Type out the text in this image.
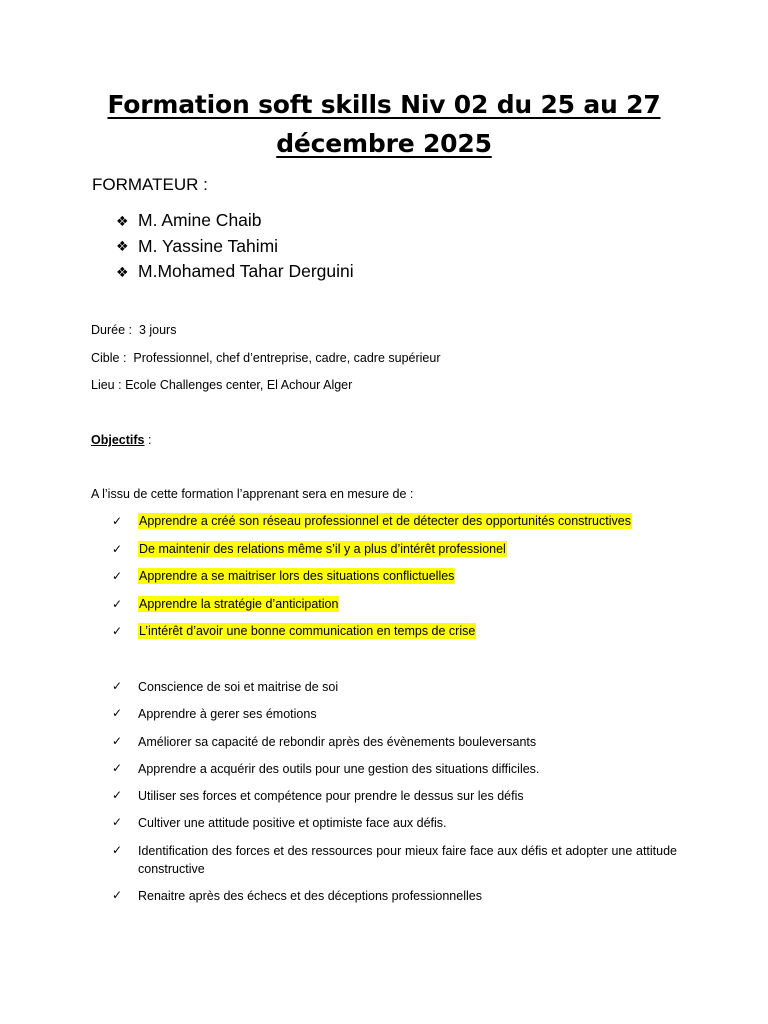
Formation soft skills Niv 02 du 25 au 27
décembre 2025
FORMATEUR :
❖ M. Amine Chaib
❖ M. Yassine Tahimi
❖ M.Mohamed Tahar Derguini
Durée : 3 jours
Cible : Professionnel, chef d’entreprise, cadre, cadre supérieur
Lieu : Ecole Challenges center, El Achour Alger
Objectifs :
A l’issu de cette formation l’apprenant sera en mesure de :
✓	Apprendre a créé son réseau professionnel et de détecter des opportunités constructives
✓	De maintenir des relations même s’il y a plus d’intérêt professionel
✓	Apprendre a se maitriser lors des situations conflictuelles
✓	Apprendre la stratégie d’anticipation
✓	L’intérêt d’avoir une bonne communication en temps de crise
✓	Conscience de soi et maitrise de soi
✓	Apprendre à gerer ses émotions
✓	Améliorer sa capacité de rebondir après des évènements bouleversants
✓	Apprendre a acquérir des outils pour une gestion des situations difficiles.
✓	Utiliser ses forces et compétence pour prendre le dessus sur les défis
✓	Cultiver une attitude positive et optimiste face aux défis.
✓	Identification des forces et des ressources pour mieux faire face aux défis et adopter une attitude constructive
✓	Renaitre après des échecs et des déceptions professionnelles
